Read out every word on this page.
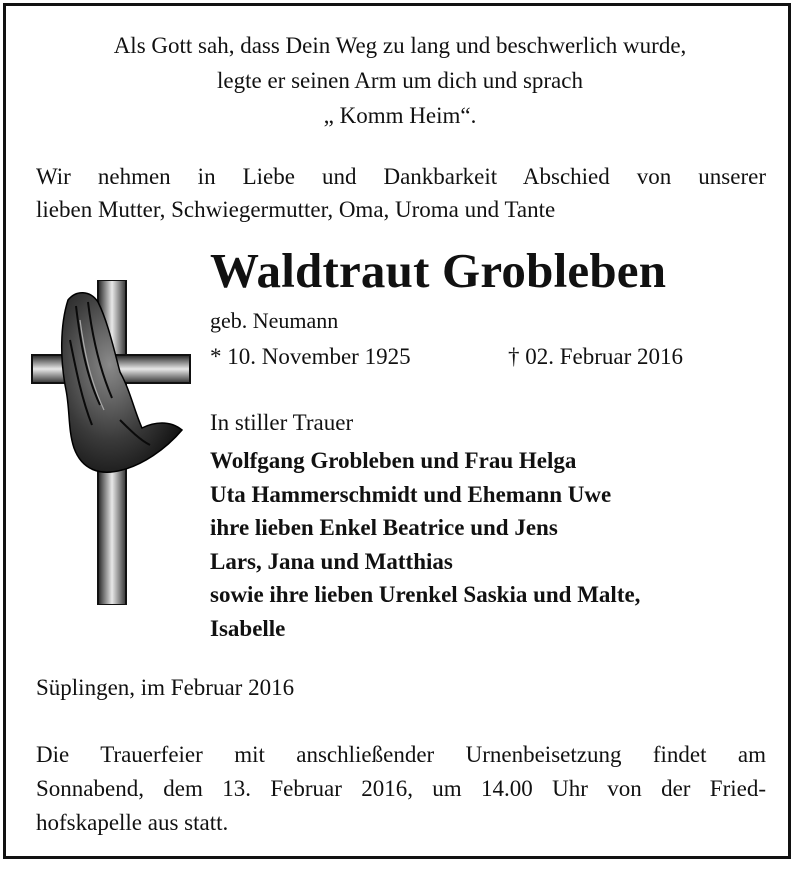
Als Gott sah, dass Dein Weg zu lang und beschwerlich wurde,
legte er seinen Arm um dich und sprach
„ Komm Heim“.
Wir nehmen in Liebe und Dankbarkeit Abschied von unserer
lieben Mutter, Schwiegermutter, Oma, Uroma und Tante
Waldtraut Grobleben
geb. Neumann
* 10. November 1925	† 02. Februar 2016
In stiller Trauer
Wolfgang Grobleben und Frau Helga
Uta Hammerschmidt und Ehemann Uwe
ihre lieben Enkel Beatrice und Jens
Lars, Jana und Matthias
sowie ihre lieben Urenkel Saskia und Malte,
Isabelle
Süplingen, im Februar 2016
Die Trauerfeier mit anschließender Urnenbeisetzung findet am
Sonnabend, dem 13. Februar 2016, um 14.00 Uhr von der Fried-
hofskapelle aus statt.
